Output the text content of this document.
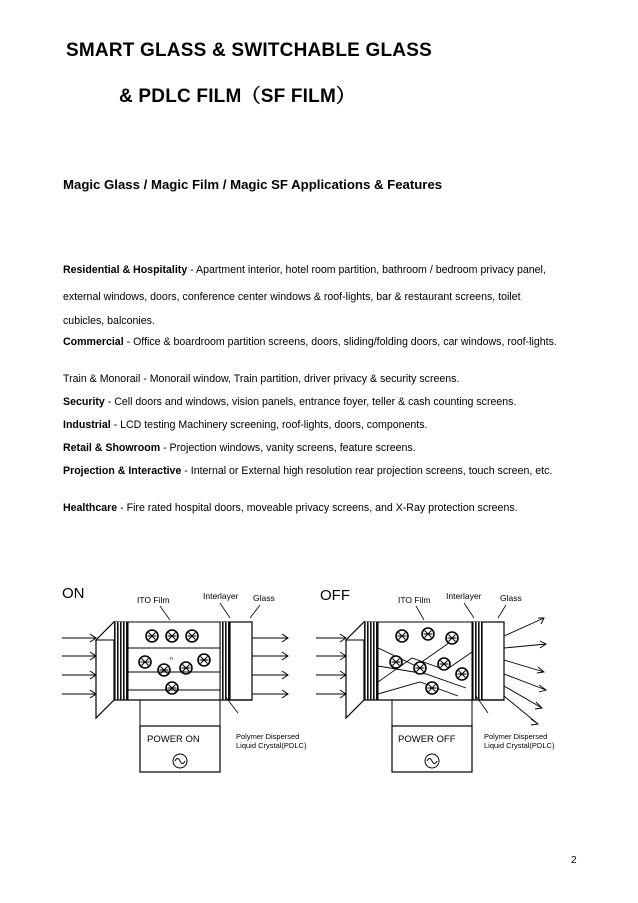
SMART GLASS & SWITCHABLE GLASS
& PDLC FILM（SF FILM）
Magic Glass / Magic Film / Magic SF Applications & Features
Residential & Hospitality - Apartment interior, hotel room partition, bathroom / bedroom privacy panel,
external windows, doors, conference center windows & roof-lights, bar & restaurant screens, toilet
cubicles, balconies.
Commercial - Office & boardroom partition screens, doors, sliding/folding doors, car windows, roof-lights.
Train & Monorail - Monorail window, Train partition, driver privacy & security screens.
Security - Cell doors and windows, vision panels, entrance foyer, teller & cash counting screens.
Industrial - LCD testing Machinery screening, roof-lights, doors, components.
Retail & Showroom - Projection windows, vanity screens, feature screens.
Projection & Interactive - Internal or External high resolution rear projection screens, touch screen, etc.
Healthcare - Fire rated hospital doors, moveable privacy screens, and X-Ray protection screens.
ON	ITO Film	Interlayer Glass
n
POWER ON	Polymer Dispersed
Liquid Crystal(PDLC)
OFF	ITO Film Interlayer Glass
POWER OFF	Polymer Dispersed
Liquid Crystal(PDLC)
2
